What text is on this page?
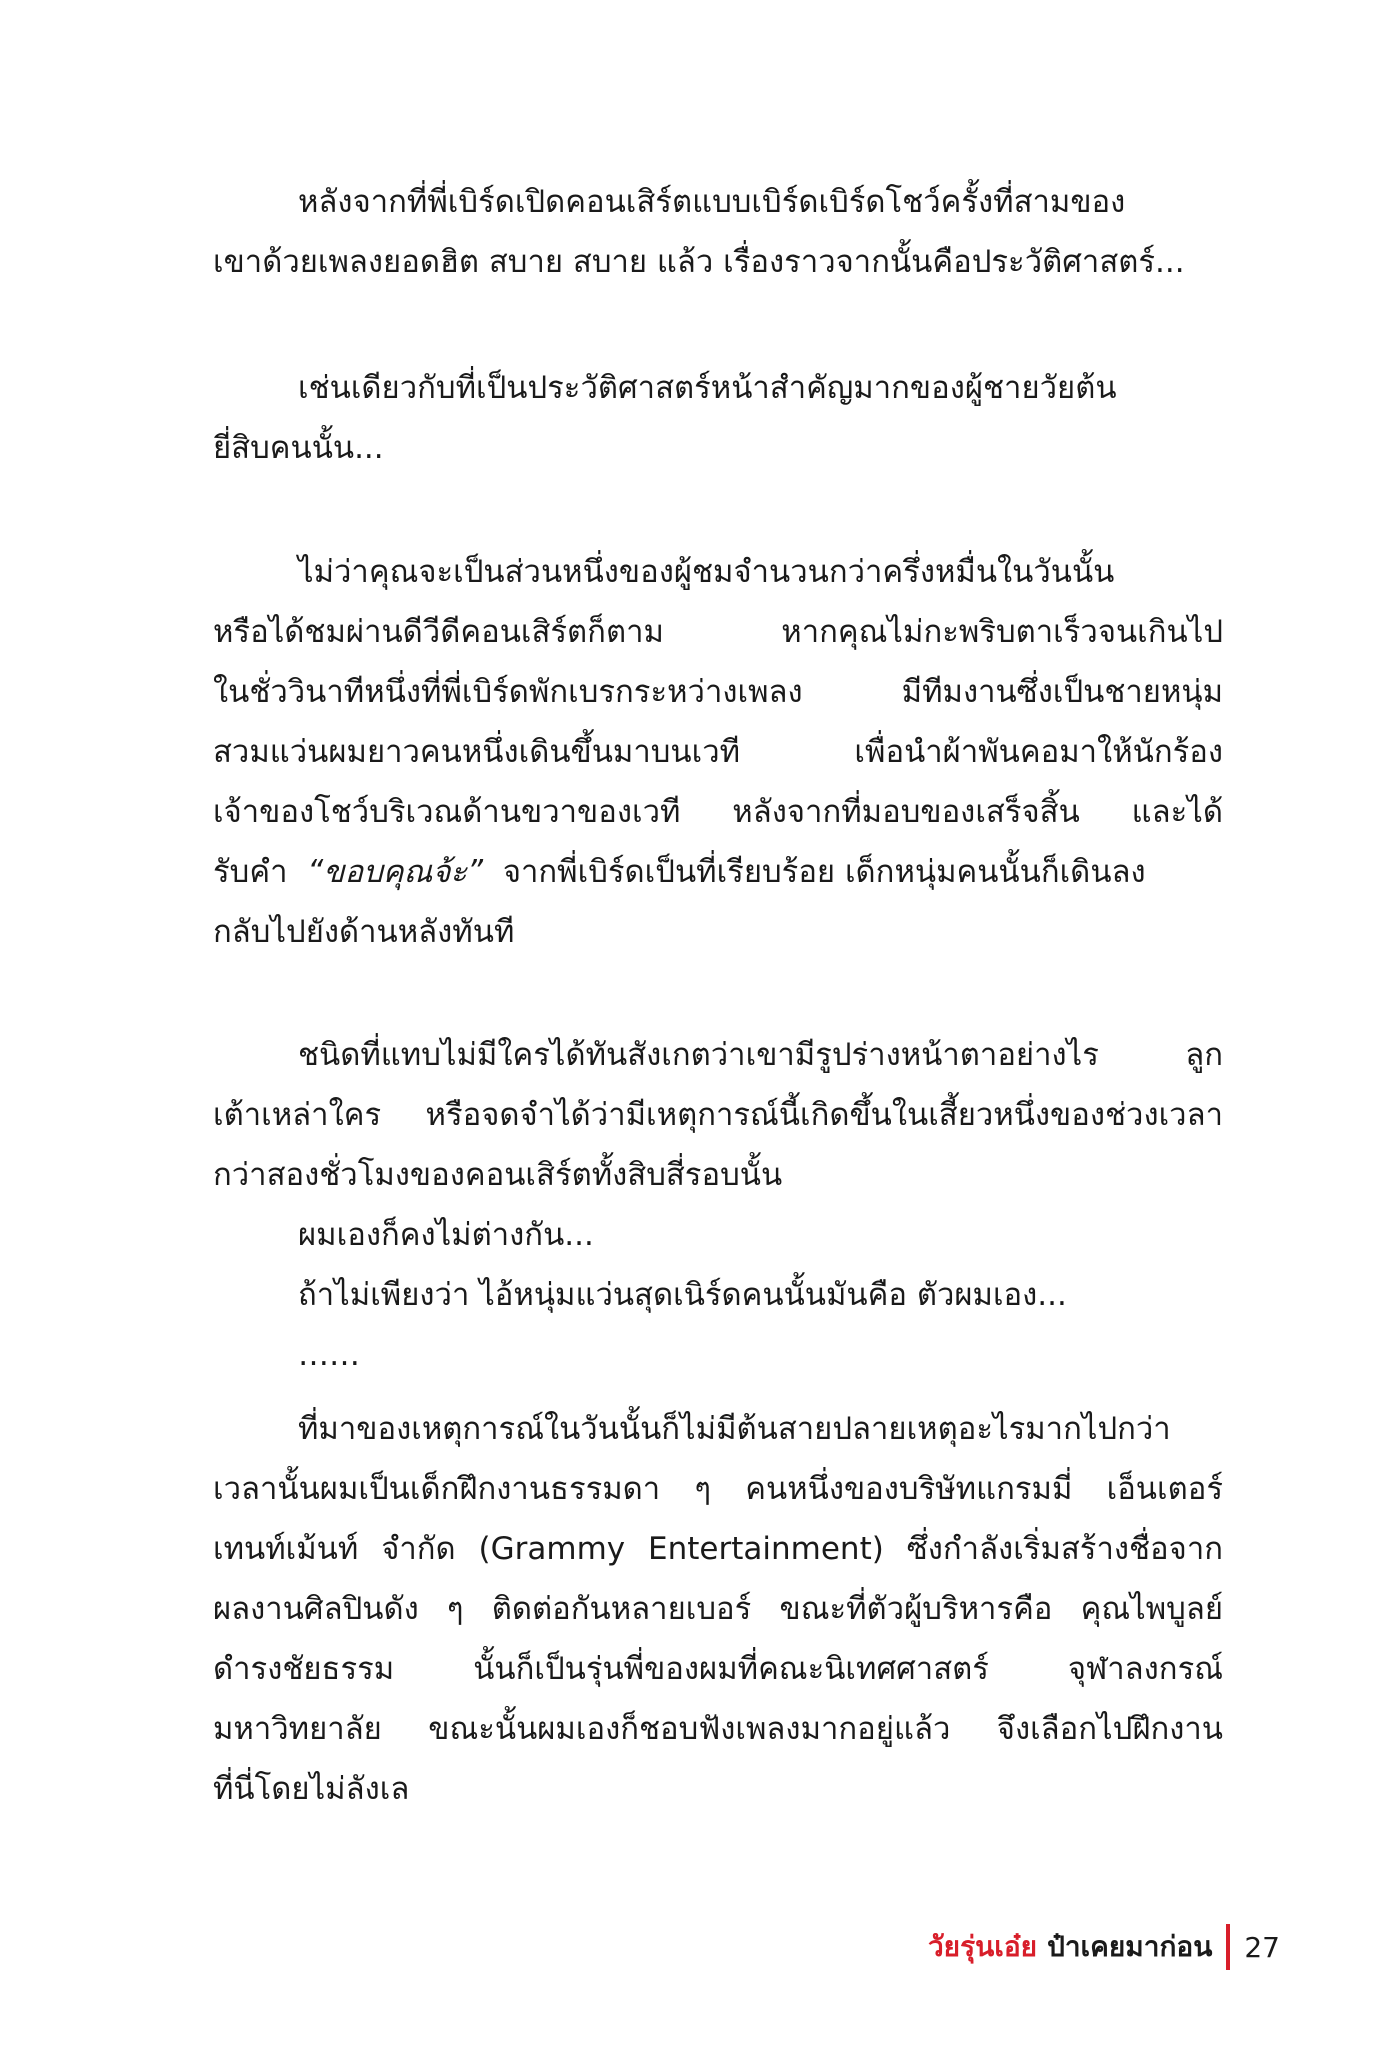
หลังจากที่พี่เบิร์ดเปิดคอนเสิร์ตแบบเบิร์ดเบิร์ดโชว์ครั้งที่สามของ
เขาด้วยเพลงยอดฮิต สบาย สบาย แล้ว เรื่องราวจากนั้นคือประวัติศาสตร์...
เช่นเดียวกับที่เป็นประวัติศาสตร์หน้าสำคัญมากของผู้ชายวัยต้น
ยี่สิบคนนั้น...
ไม่ว่าคุณจะเป็นส่วนหนึ่งของผู้ชมจำนวนกว่าครึ่งหมื่นในวันนั้น
หรือได้ชมผ่านดีวีดีคอนเสิร์ตก็ตาม หากคุณไม่กะพริบตาเร็วจนเกินไป
ในชั่ววินาทีหนึ่งที่พี่เบิร์ดพักเบรกระหว่างเพลง มีทีมงานซึ่งเป็นชายหนุ่ม
สวมแว่นผมยาวคนหนึ่งเดินขึ้นมาบนเวที เพื่อนำผ้าพันคอมาให้นักร้อง
เจ้าของโชว์บริเวณด้านขวาของเวที หลังจากที่มอบของเสร็จสิ้น และได้
รับคำ “ขอบคุณจ้ะ” จากพี่เบิร์ดเป็นที่เรียบร้อย เด็กหนุ่มคนนั้นก็เดินลง
กลับไปยังด้านหลังทันที
ชนิดที่แทบไม่มีใครได้ทันสังเกตว่าเขามีรูปร่างหน้าตาอย่างไร ลูก
เต้าเหล่าใคร หรือจดจำได้ว่ามีเหตุการณ์นี้เกิดขึ้นในเสี้ยวหนึ่งของช่วงเวลา
กว่าสองชั่วโมงของคอนเสิร์ตทั้งสิบสี่รอบนั้น
ผมเองก็คงไม่ต่างกัน...
ถ้าไม่เพียงว่า ไอ้หนุ่มแว่นสุดเนิร์ดคนนั้นมันคือ ตัวผมเอง...
……
ที่มาของเหตุการณ์ในวันนั้นก็ไม่มีต้นสายปลายเหตุอะไรมากไปกว่า
เวลานั้นผมเป็นเด็กฝึกงานธรรมดา ๆ คนหนึ่งของบริษัทแกรมมี่ เอ็นเตอร์
เทนท์เม้นท์ จำกัด (Grammy Entertainment) ซึ่งกำลังเริ่มสร้างชื่อจาก
ผลงานศิลปินดัง ๆ ติดต่อกันหลายเบอร์ ขณะที่ตัวผู้บริหารคือ คุณไพบูลย์
ดำรงชัยธรรม นั้นก็เป็นรุ่นพี่ของผมที่คณะนิเทศศาสตร์ จุฬาลงกรณ์
มหาวิทยาลัย ขณะนั้นผมเองก็ชอบฟังเพลงมากอยู่แล้ว จึงเลือกไปฝึกงาน
ที่นี่โดยไม่ลังเล
วัยรุ่นเอ๋ย ป๋าเคยมาก่อน 27
